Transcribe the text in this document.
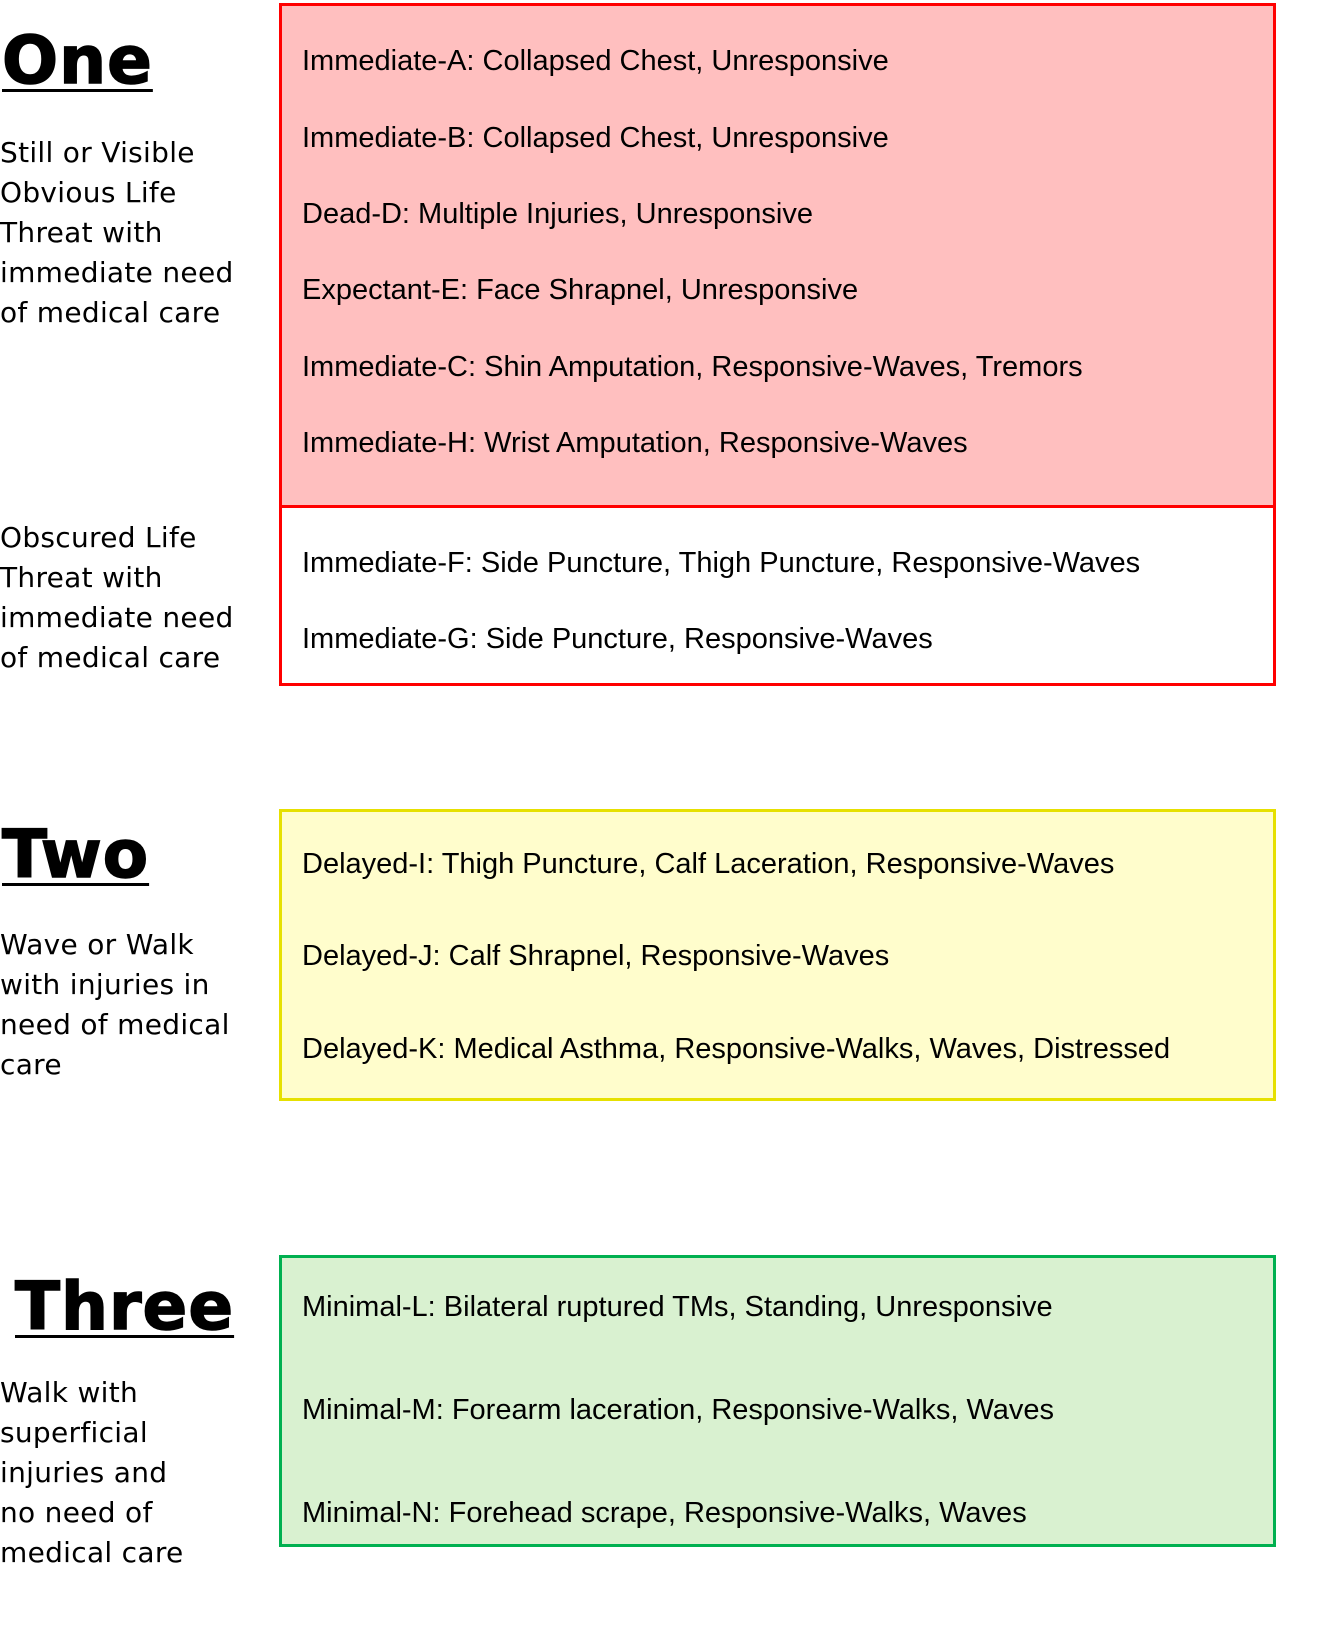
One
Still or Visible Obvious Life Threat with immediate need of medical care
Immediate-A: Collapsed Chest, Unresponsive
Immediate-B: Collapsed Chest, Unresponsive
Dead-D: Multiple Injuries, Unresponsive
Expectant-E: Face Shrapnel, Unresponsive
Immediate-C: Shin Amputation, Responsive-Waves, Tremors
Immediate-H: Wrist Amputation, Responsive-Waves
Obscured Life Threat with immediate need of medical care
Immediate-F: Side Puncture, Thigh Puncture, Responsive-Waves
Immediate-G: Side Puncture, Responsive-Waves
Two
Wave or Walk with injuries in need of medical care
Delayed-I: Thigh Puncture, Calf Laceration, Responsive-Waves
Delayed-J: Calf Shrapnel, Responsive-Waves
Delayed-K: Medical Asthma, Responsive-Walks, Waves, Distressed
Three
Walk with superficial injuries and no need of medical care
Minimal-L: Bilateral ruptured TMs, Standing, Unresponsive
Minimal-M: Forearm laceration, Responsive-Walks, Waves
Minimal-N: Forehead scrape, Responsive-Walks, Waves
